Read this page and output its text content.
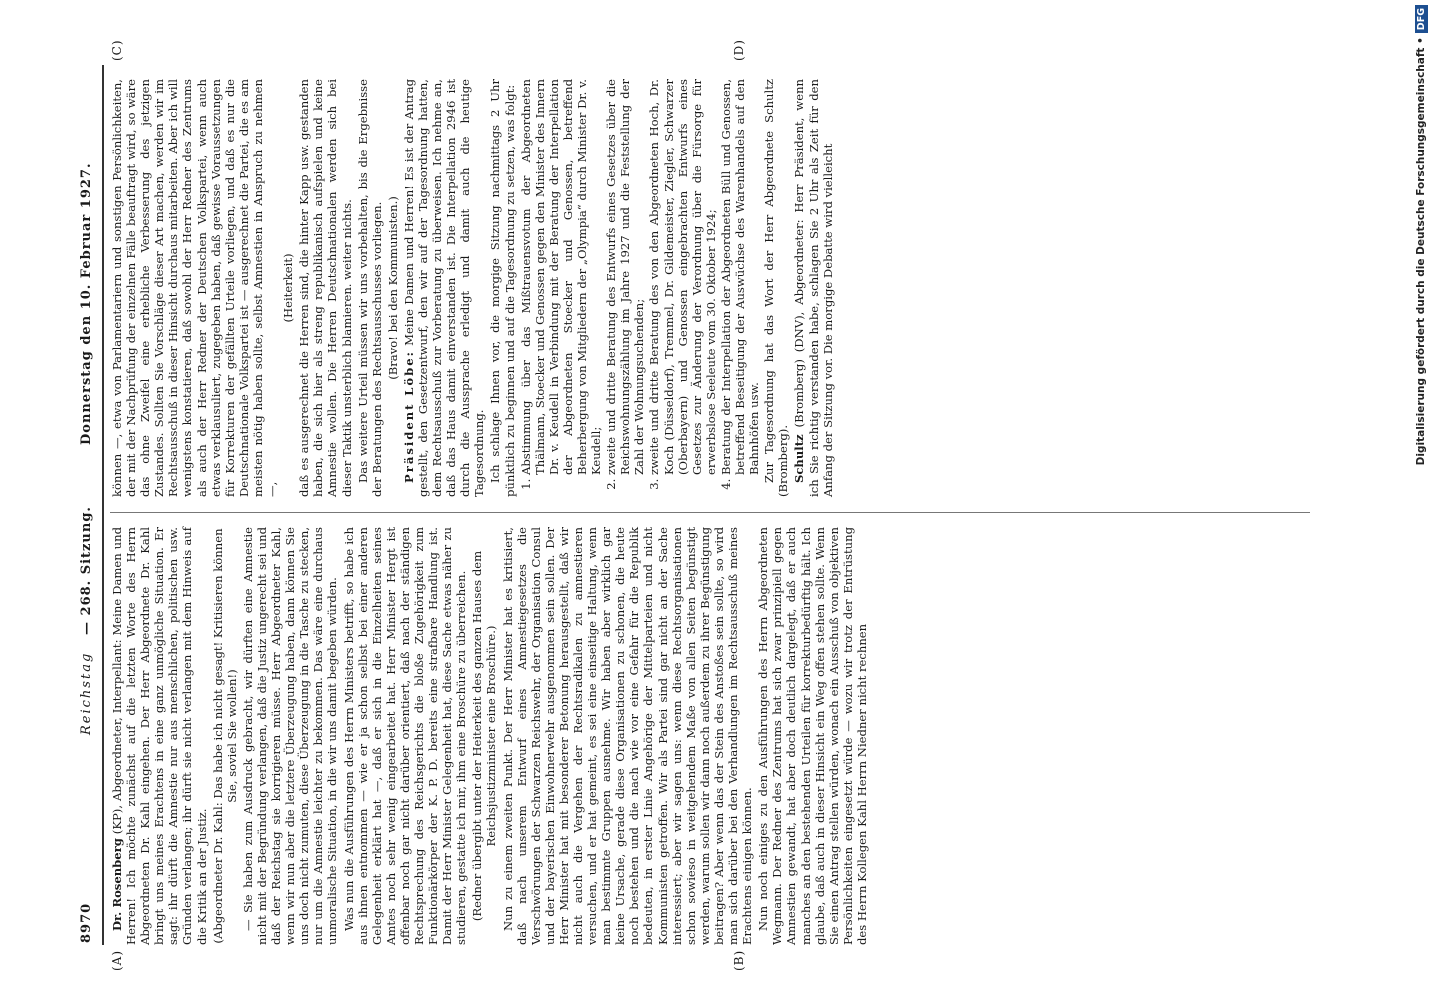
8970
Reichstag
— 268. Sitzung.
Donnerstag den 10. Februar 1927.
(A)	(B)
(C)	(D)

Dr. Rosenberg (KP), Abgeordneter, Interpellant: Meine Damen und Herren! Ich möchte zunächst auf die letzten Worte des Herrn Abgeordneten Dr. Kahl eingehen. Der Herr Abgeordnete Dr. Kahl bringt uns meines Erachtens in eine ganz unmögliche Situation. Er sagt: ihr dürft die Amnestie nur aus menschlichen, politischen usw. Gründen verlangen; ihr dürft sie nicht verlangen mit dem Hinweis auf die Kritik an der Justiz. (Abgeordneter Dr. Kahl: Das habe ich nicht gesagt! Kritisieren können Sie, soviel Sie wollen!) — Sie haben zum Ausdruck gebracht, wir dürften eine Amnestie nicht mit der Begründung verlangen, daß die Justiz ungerecht sei und daß der Reichstag sie korrigieren müsse. Herr Abgeordneter Kahl, wenn wir nun aber die letztere Überzeugung haben, dann können Sie uns doch nicht zumuten, diese Überzeugung in die Tasche zu stecken, nur um die Amnestie leichter zu bekommen. Das wäre eine durchaus unmoralische Situation, in die wir uns damit begeben würden. Was nun die Ausführungen des Herrn Ministers betrifft, so habe ich aus ihnen entnommen — wie er ja schon selbst bei einer anderen Gelegenheit erklärt hat —, daß er sich in die Einzelheiten seines Amtes noch sehr wenig eingearbeitet hat. Herr Minister Hergt ist offenbar noch gar nicht darüber orientiert, daß nach der ständigen Rechtsprechung des Reichsgerichts die bloße Zugehörigkeit zum Funktionärkörper der K. P. D. bereits eine strafbare Handlung ist. Damit der Herr Minister Gelegenheit hat, diese Sache etwas näher zu studieren, gestatte ich mir, ihm eine Broschüre zu überreichen. (Redner übergibt unter der Heiterkeit des ganzen Hauses dem Reichsjustizminister eine Broschüre.) Nun zu einem zweiten Punkt. Der Herr Minister hat es kritisiert, daß nach unserem Entwurf eines Amnestiegesetzes die Verschwörungen der Schwarzen Reichswehr, der Organisation Consul und der bayerischen Einwohnerwehr ausgenommen sein sollen. Der Herr Minister hat mit besonderer Betonung herausgestellt, daß wir nicht auch die Vergehen der Rechtsradikalen zu amnestieren versuchen, und er hat gemeint, es sei eine einseitige Haltung, wenn man bestimmte Gruppen ausnehme. Wir haben aber wirklich gar keine Ursache, gerade diese Organisationen zu schonen, die heute noch bestehen und die nach wie vor eine Gefahr für die Republik bedeuten, in erster Linie Angehörige der Mittelparteien und nicht Kommunisten getroffen. Wir als Partei sind gar nicht an der Sache interessiert; aber wir sagen uns: wenn diese Rechtsorganisationen schon sowieso in weitgehendem Maße von allen Seiten begünstigt werden, warum sollen wir dann noch außerdem zu ihrer Begünstigung beitragen? Aber wenn das der Stein des Anstoßes sein sollte, so wird man sich darüber bei den Verhandlungen im Rechtsausschuß meines Erachtens einigen können. Nun noch einiges zu den Ausführungen des Herrn Abgeordneten Wegmann. Der Redner des Zentrums hat sich zwar prinzipiell gegen Amnestien gewandt, hat aber doch deutlich dargelegt, daß er auch manches an den bestehenden Urteilen für korrekturbedürftig hält. Ich glaube, daß auch in dieser Hinsicht ein Weg offen stehen sollte. Wenn Sie einen Antrag stellen würden, wonach ein Ausschuß von objektiven Persönlichkeiten eingesetzt würde — wozu wir trotz der Entrüstung des Herrn Kollegen Kahl Herrn Niedner nicht rechnen

können —, etwa von Parlamentariern und sonstigen Persönlichkeiten, der mit der Nachprüfung der einzelnen Fälle beauftragt wird, so wäre das ohne Zweifel eine erhebliche Verbesserung des jetzigen Zustandes. Sollten Sie Vorschläge dieser Art machen, werden wir im Rechtsausschuß in dieser Hinsicht durchaus mitarbeiten. Aber ich will wenigstens konstatieren, daß sowohl der Herr Redner des Zentrums als auch der Herr Redner der Deutschen Volkspartei, wenn auch etwas verklausuliert, zugegeben haben, daß gewisse Voraussetzungen für Korrekturen der gefällten Urteile vorliegen, und daß es nur die Deutschnationale Volkspartei ist — ausgerechnet die Partei, die es am meisten nötig haben sollte, selbst Amnestien in Anspruch zu nehmen —,

(Heiterkeit) daß es ausgerechnet die Herren sind, die hinter Kapp usw. gestanden haben, die sich hier als streng republikanisch aufspielen und keine Amnestie wollen. Die Herren Deutschnationalen werden sich bei dieser Taktik unsterblich blamieren. weiter nichts. Das weitere Urteil müssen wir uns vorbehalten, bis die Ergebnisse der Beratungen des Rechtsausschusses vorliegen. (Bravo! bei den Kommunisten.)

Präsident Löbe: Meine Damen und Herren! Es ist der Antrag gestellt, den Gesetzentwurf, den wir auf der Tagesordnung hatten, dem Rechtsausschuß zur Vorberatung zu überweisen. Ich nehme an, daß das Haus damit einverstanden ist. Die Interpellation 2946 ist durch die Aussprache erledigt und damit auch die heutige Tagesordnung. Ich schlage Ihnen vor, die morgige Sitzung nachmittags 2 Uhr pünktlich zu beginnen und auf die Tagesordnung zu setzen, was folgt: 1. Abstimmung über das Mißtrauensvotum der Abgeordneten Thälmann, Stoecker und Genossen gegen den Minister des Innern Dr. v. Keudell in Verbindung mit der Beratung der Interpellation der Abgeordneten Stoecker und Genossen, betreffend Beherbergung von Mitgliedern der „Olympia“ durch Minister Dr. v. Keudell; 2. zweite und dritte Beratung des Entwurfs eines Gesetzes über die Reichswohnungszählung im Jahre 1927 und die Feststellung der Zahl der Wohnungsuchenden; 3. zweite und dritte Beratung des von den Abgeordneten Hoch, Dr. Koch (Düsseldorf), Tremmel, Dr. Gildemeister, Ziegler, Schwarzer (Oberbayern) und Genossen eingebrachten Entwurfs eines Gesetzes zur Änderung der Verordnung über die Fürsorge für erwerbslose Seeleute vom 30. Oktober 1924; 4. Beratung der Interpellation der Abgeordneten Büll und Genossen, betreffend Beseitigung der Auswüchse des Warenhandels auf den Bahnhöfen usw. Zur Tagesordnung hat das Wort der Herr Abgeordnete Schultz (Bromberg). Schultz (Bromberg) (DNV), Abgeordneter: Herr Präsident, wenn ich Sie richtig verstanden habe, schlagen Sie 2 Uhr als Zeit für den Anfang der Sitzung vor. Die morgige Debatte wird vielleicht	Digitalisierung gefördert durch die Deutsche Forschungsgemeinschaft •
DFG
